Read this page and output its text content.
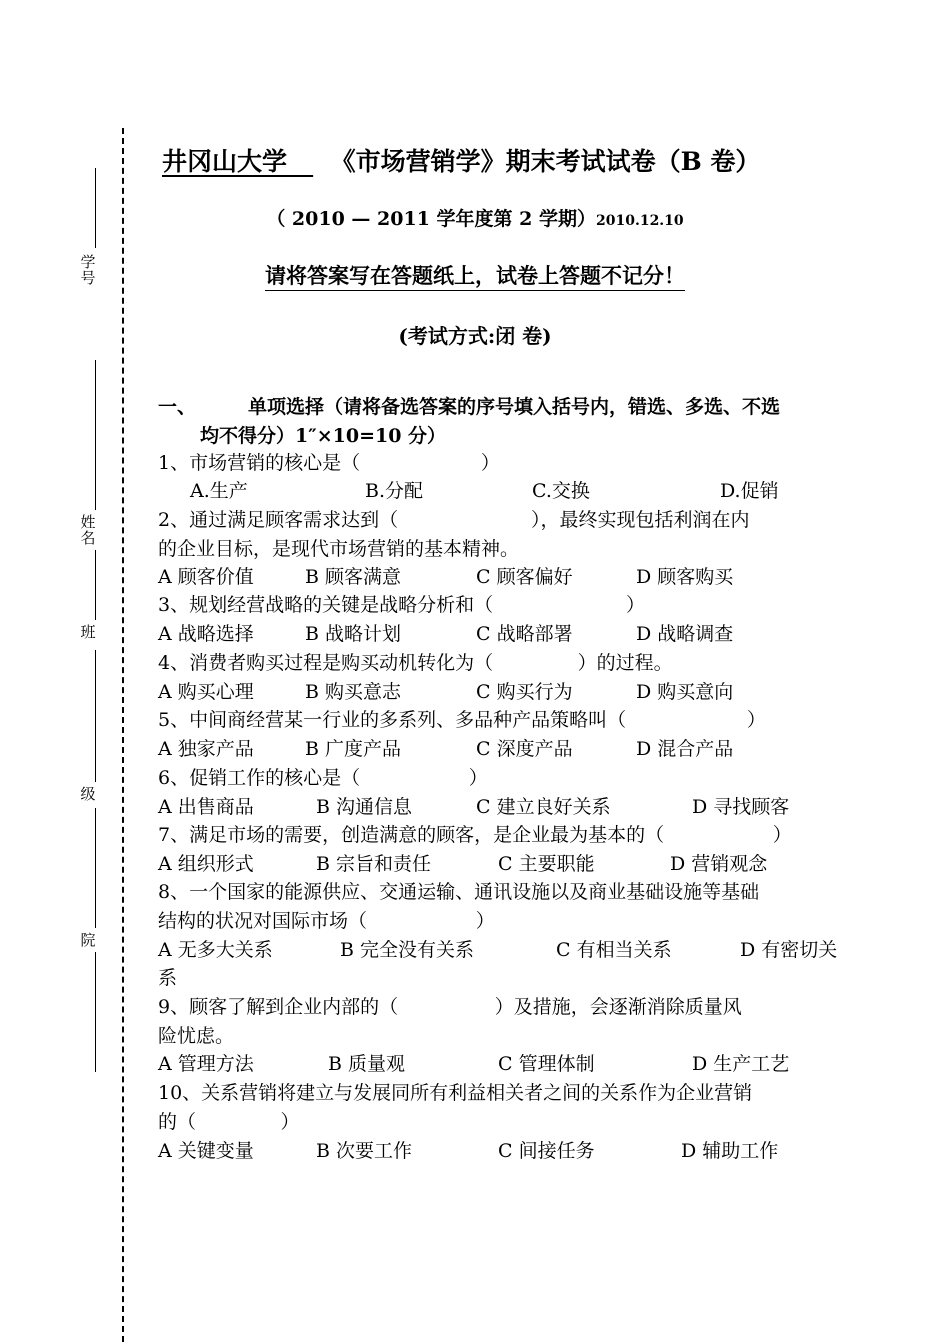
学号
姓名
班
级
院
井冈山大学 《市场营销学》期末考试试卷（B 卷）
（ 2010 — 2011 学年度第 2 学期）2010.12.10
请将答案写在答题纸上，试卷上答题不记分！
(考试方式:闭 卷)
一、	单项选择（请将备选答案的序号填入括号内，错选、多选、不选
均不得分）1″×10=10 分）
1、市场营销的核心是（                    ）
A.生产	B.分配	C.交换	D.促销
2、通过满足顾客需求达到（                      ），最终实现包括利润在内
的企业目标，是现代市场营销的基本精神。
A 顾客价值	B 顾客满意	C 顾客偏好	D 顾客购买
3、规划经营战略的关键是战略分析和（                      ）
A 战略选择	B 战略计划	C 战略部署	D 战略调查
4、消费者购买过程是购买动机转化为（              ）的过程。
A 购买心理	B 购买意志	C 购买行为	D 购买意向
5、中间商经营某一行业的多系列、多品种产品策略叫（                    ）
A 独家产品	B 广度产品	C 深度产品	D 混合产品
6、促销工作的核心是（                  ）
A 出售商品	B 沟通信息	C 建立良好关系	D 寻找顾客
7、满足市场的需要，创造满意的顾客，是企业最为基本的（                  ）
A 组织形式	B 宗旨和责任	C 主要职能	D 营销观念
8、一个国家的能源供应、交通运输、通讯设施以及商业基础设施等基础
结构的状况对国际市场（                  ）
A 无多大关系	B 完全没有关系	C 有相当关系	D 有密切关
系
9、顾客了解到企业内部的（                ）及措施，会逐渐消除质量风
险忧虑。
A 管理方法	B 质量观	C 管理体制	D 生产工艺
10、关系营销将建立与发展同所有利益相关者之间的关系作为企业营销
的（              ）
A 关键变量	B 次要工作	C 间接任务	D 辅助工作
